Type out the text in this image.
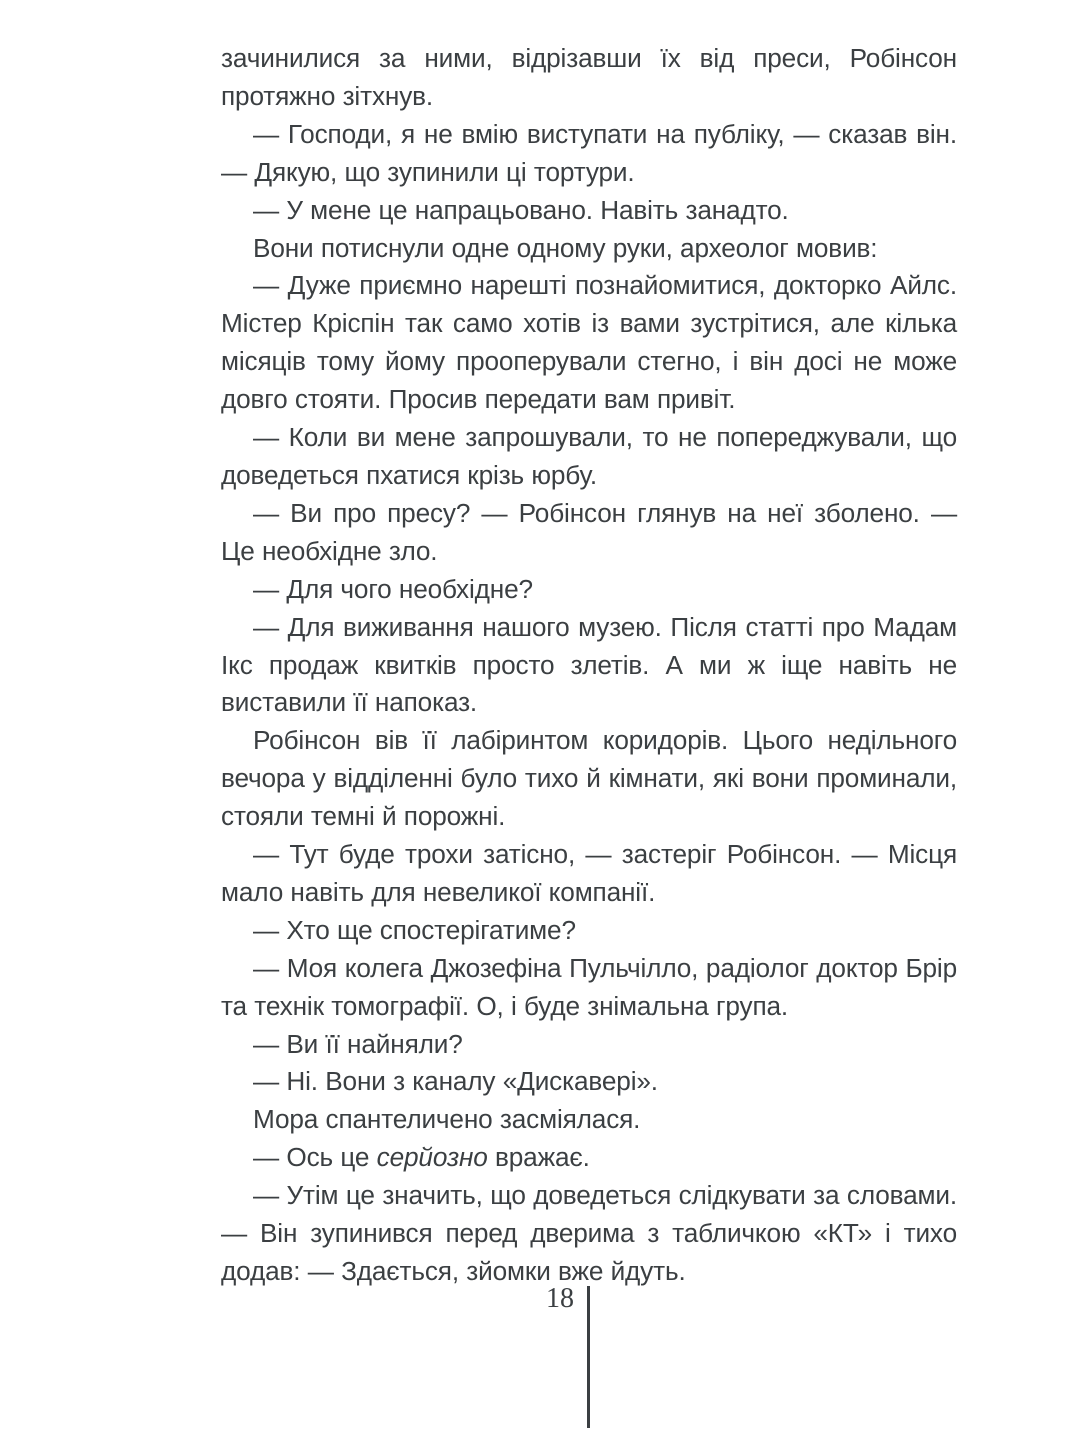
зачинилися за ними, відрізавши їх від преси, Робінсон протяжно зітхнув.

— Господи, я не вмію виступати на публіку, — сказав він. — Дякую, що зупинили ці тортури.

— У мене це напрацьовано. Навіть занадто.

Вони потиснули одне одному руки, археолог мовив:

— Дуже приємно нарешті познайомитися, докторко Айлс. Містер Кріспін так само хотів із вами зустрітися, але кілька місяців тому йому прооперували стегно, і він досі не може довго стояти. Просив передати вам привіт.

— Коли ви мене запрошували, то не попереджували, що доведеться пхатися крізь юрбу.

— Ви про пресу? — Робінсон глянув на неї зболено. — Це необхідне зло.

— Для чого необхідне?

— Для виживання нашого музею. Після статті про Мадам Ікс продаж квитків просто злетів. А ми ж іще навіть не виставили її напоказ.

Робінсон вів її лабіринтом коридорів. Цього недільного вечора у відділенні було тихо й кімнати, які вони проминали, стояли темні й порожні.

— Тут буде трохи затісно, — застеріг Робінсон. — Місця мало навіть для невеликої компанії.

— Хто ще спостерігатиме?

— Моя колега Джозефіна Пульчілло, радіолог доктор Брір та технік томографії. О, і буде знімальна група.

— Ви її найняли?

— Ні. Вони з каналу «Дискавері».

Мора спантеличено засміялася.

— Ось це серйозно вражає.

— Утім це значить, що доведеться слідкувати за словами. — Він зупинився перед дверима з табличкою «КТ» і тихо додав: — Здається, зйомки вже йдуть.

18
